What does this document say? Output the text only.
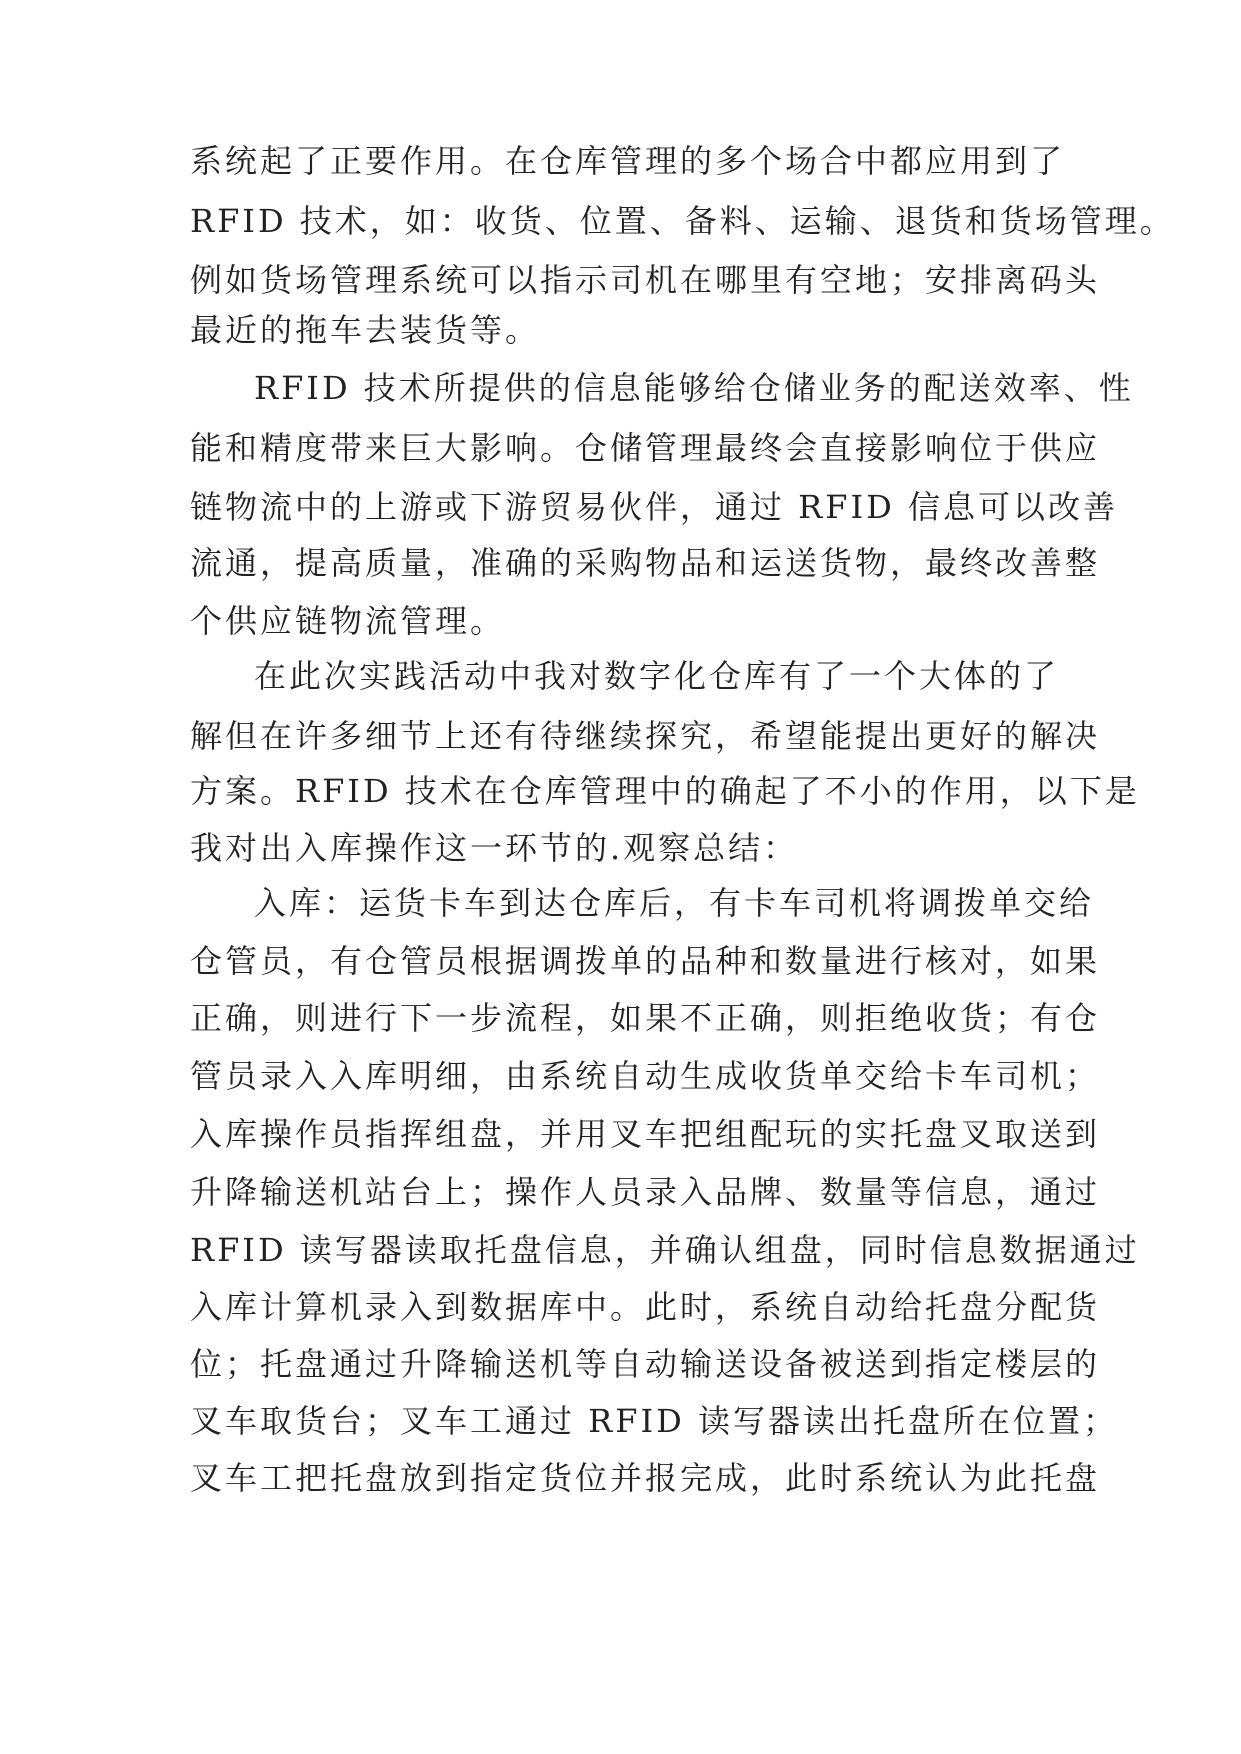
系统起了正要作用。在仓库管理的多个场合中都应用到了
RFID 技术，如：收货、位置、备料、运输、退货和货场管理。
例如货场管理系统可以指示司机在哪里有空地；安排离码头
最近的拖车去装货等。
RFID 技术所提供的信息能够给仓储业务的配送效率、性
能和精度带来巨大影响。仓储管理最终会直接影响位于供应
链物流中的上游或下游贸易伙伴，通过 RFID 信息可以改善
流通，提高质量，准确的采购物品和运送货物，最终改善整
个供应链物流管理。
在此次实践活动中我对数字化仓库有了一个大体的了
解但在许多细节上还有待继续探究，希望能提出更好的解决
方案。RFID 技术在仓库管理中的确起了不小的作用，以下是
我对出入库操作这一环节的.观察总结：
入库：运货卡车到达仓库后，有卡车司机将调拨单交给
仓管员，有仓管员根据调拨单的品种和数量进行核对，如果
正确，则进行下一步流程，如果不正确，则拒绝收货；有仓
管员录入入库明细，由系统自动生成收货单交给卡车司机；
入库操作员指挥组盘，并用叉车把组配玩的实托盘叉取送到
升降输送机站台上；操作人员录入品牌、数量等信息，通过
RFID 读写器读取托盘信息，并确认组盘，同时信息数据通过
入库计算机录入到数据库中。此时，系统自动给托盘分配货
位；托盘通过升降输送机等自动输送设备被送到指定楼层的
叉车取货台；叉车工通过 RFID 读写器读出托盘所在位置；
叉车工把托盘放到指定货位并报完成，此时系统认为此托盘
